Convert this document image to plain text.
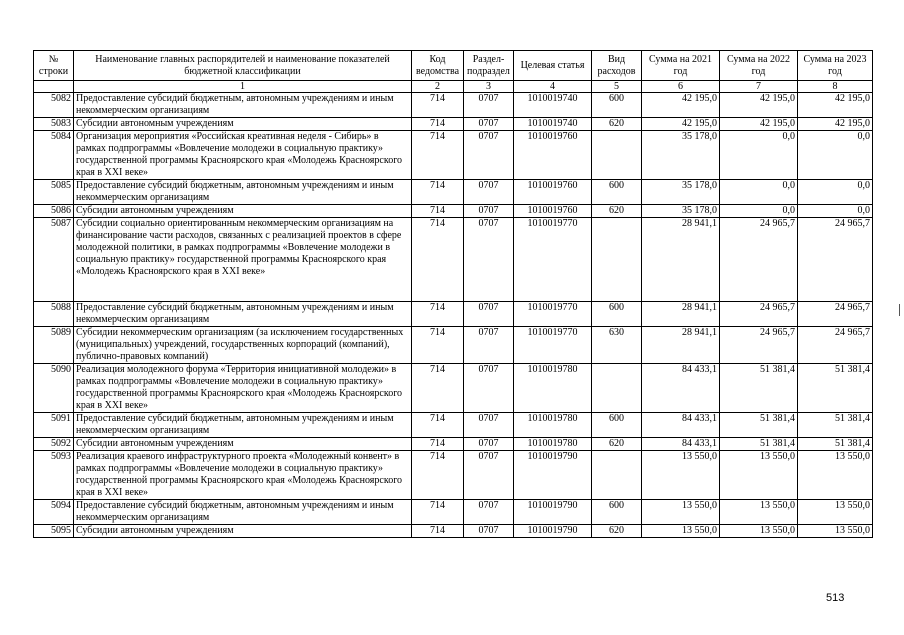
№ строки	Наименование главных распорядителей и наименование показателей бюджетной классификации	Код ведомства	Раздел-подраздел	Целевая статья	Вид расходов	Сумма на 2021 год	Сумма на 2022 год	Сумма на 2023 год
	1	2	3	4	5	6	7	8
5082	Предоставление субсидий бюджетным, автономным учреждениям и иным некоммерческим организациям	714	0707	1010019740	600	42 195,0	42 195,0	42 195,0
5083	Субсидии автономным учреждениям	714	0707	1010019740	620	42 195,0	42 195,0	42 195,0
5084	Организация мероприятия «Российская креативная неделя - Сибирь» в рамках подпрограммы «Вовлечение молодежи в социальную практику» государственной программы Красноярского края «Молодежь Красноярского края в XXI веке»	714	0707	1010019760		35 178,0	0,0	0,0
5085	Предоставление субсидий бюджетным, автономным учреждениям и иным некоммерческим организациям	714	0707	1010019760	600	35 178,0	0,0	0,0
5086	Субсидии автономным учреждениям	714	0707	1010019760	620	35 178,0	0,0	0,0
5087	Субсидии социально ориентированным некоммерческим организациям на финансирование части расходов, связанных с реализацией проектов в сфере молодежной политики, в рамках подпрограммы «Вовлечение молодежи в социальную практику» государственной программы Красноярского края «Молодежь Красноярского края в XXI веке»	714	0707	1010019770		28 941,1	24 965,7	24 965,7
5088	Предоставление субсидий бюджетным, автономным учреждениям и иным некоммерческим организациям	714	0707	1010019770	600	28 941,1	24 965,7	24 965,7
5089	Субсидии некоммерческим организациям (за исключением государственных (муниципальных) учреждений, государственных корпораций (компаний), публично-правовых компаний)	714	0707	1010019770	630	28 941,1	24 965,7	24 965,7
5090	Реализация молодежного форума «Территория инициативной молодежи» в рамках подпрограммы «Вовлечение молодежи в социальную практику» государственной программы Красноярского края «Молодежь Красноярского края в XXI веке»	714	0707	1010019780		84 433,1	51 381,4	51 381,4
5091	Предоставление субсидий бюджетным, автономным учреждениям и иным некоммерческим организациям	714	0707	1010019780	600	84 433,1	51 381,4	51 381,4
5092	Субсидии автономным учреждениям	714	0707	1010019780	620	84 433,1	51 381,4	51 381,4
5093	Реализация краевого инфраструктурного проекта «Молодежный конвент» в рамках подпрограммы «Вовлечение молодежи в социальную практику» государственной программы Красноярского края «Молодежь Красноярского края в XXI веке»	714	0707	1010019790		13 550,0	13 550,0	13 550,0
5094	Предоставление субсидий бюджетным, автономным учреждениям и иным некоммерческим организациям	714	0707	1010019790	600	13 550,0	13 550,0	13 550,0
5095	Субсидии автономным учреждениям	714	0707	1010019790	620	13 550,0	13 550,0	13 550,0
513
